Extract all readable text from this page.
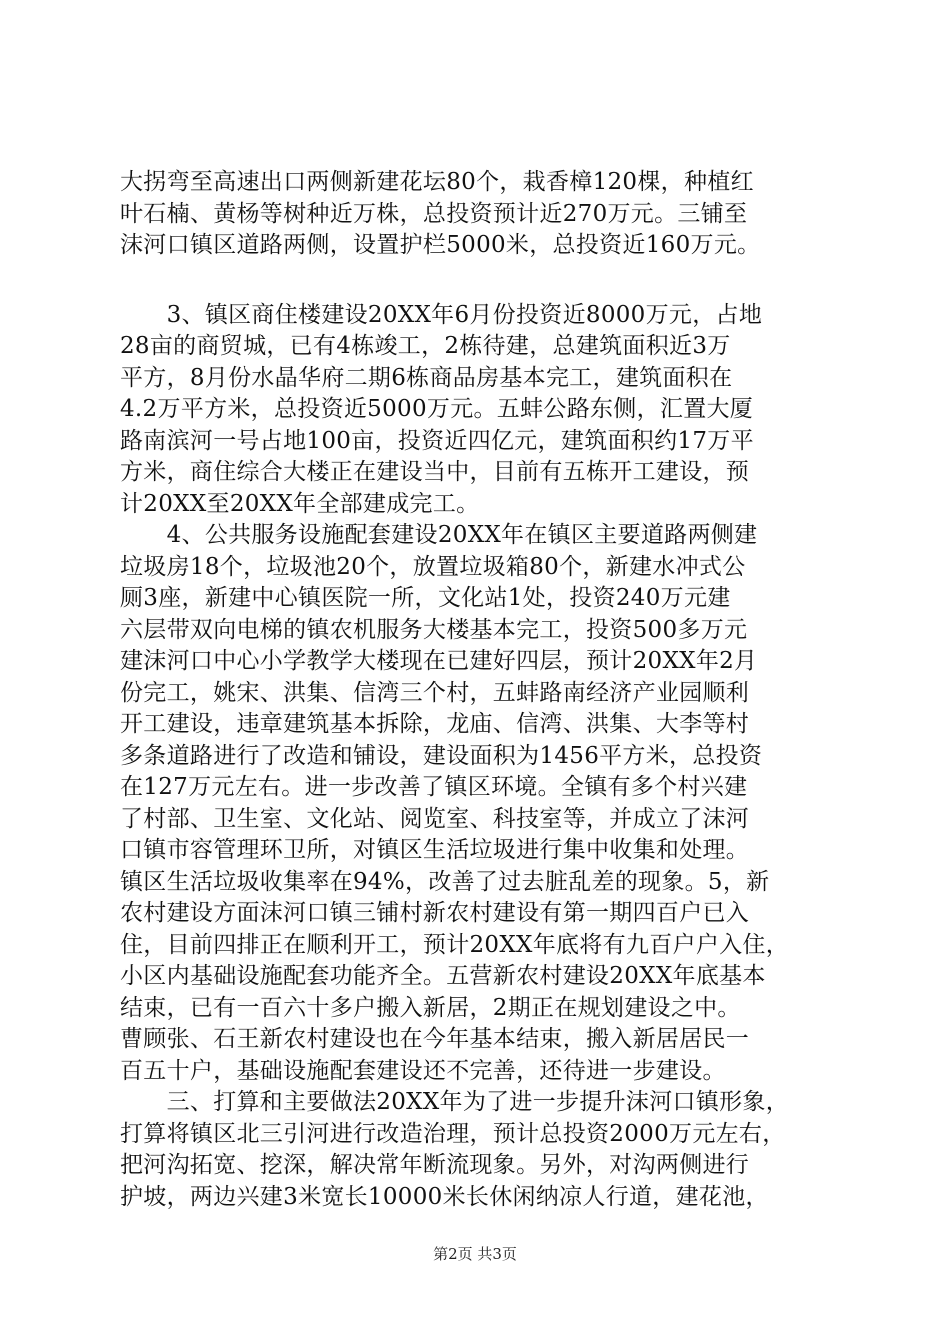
大拐弯至高速出口两侧新建花坛80个，栽香樟120棵，种植红
叶石楠、黄杨等树种近万株，总投资预计近270万元。三铺至
沫河口镇区道路两侧，设置护栏5000米，总投资近160万元。
　　3、镇区商住楼建设20XX年6月份投资近8000万元，占地
28亩的商贸城，已有4栋竣工，2栋待建，总建筑面积近3万
平方，8月份水晶华府二期6栋商品房基本完工，建筑面积在
4.2万平方米，总投资近5000万元。五蚌公路东侧，汇置大厦
路南滨河一号占地100亩，投资近四亿元，建筑面积约17万平
方米，商住综合大楼正在建设当中，目前有五栋开工建设，预
计20XX至20XX年全部建成完工。
　　4、公共服务设施配套建设20XX年在镇区主要道路两侧建
垃圾房18个，垃圾池20个，放置垃圾箱80个，新建水冲式公
厕3座，新建中心镇医院一所，文化站1处，投资240万元建
六层带双向电梯的镇农机服务大楼基本完工，投资500多万元
建沫河口中心小学教学大楼现在已建好四层，预计20XX年2月
份完工，姚宋、洪集、信湾三个村，五蚌路南经济产业园顺利
开工建设，违章建筑基本拆除，龙庙、信湾、洪集、大李等村
多条道路进行了改造和铺设，建设面积为1456平方米，总投资
在127万元左右。进一步改善了镇区环境。全镇有多个村兴建
了村部、卫生室、文化站、阅览室、科技室等，并成立了沫河
口镇市容管理环卫所，对镇区生活垃圾进行集中收集和处理。
镇区生活垃圾收集率在94%，改善了过去脏乱差的现象。5，新
农村建设方面沫河口镇三铺村新农村建设有第一期四百户已入
住，目前四排正在顺利开工，预计20XX年底将有九百户户入住，
小区内基础设施配套功能齐全。五营新农村建设20XX年底基本
结束，已有一百六十多户搬入新居，2期正在规划建设之中。
曹顾张、石王新农村建设也在今年基本结束，搬入新居居民一
百五十户，基础设施配套建设还不完善，还待进一步建设。
　　三、打算和主要做法20XX年为了进一步提升沫河口镇形象，
打算将镇区北三引河进行改造治理，预计总投资2000万元左右，
把河沟拓宽、挖深，解决常年断流现象。另外，对沟两侧进行
护坡，两边兴建3米宽长10000米长休闲纳凉人行道，建花池，
第2页 共3页
